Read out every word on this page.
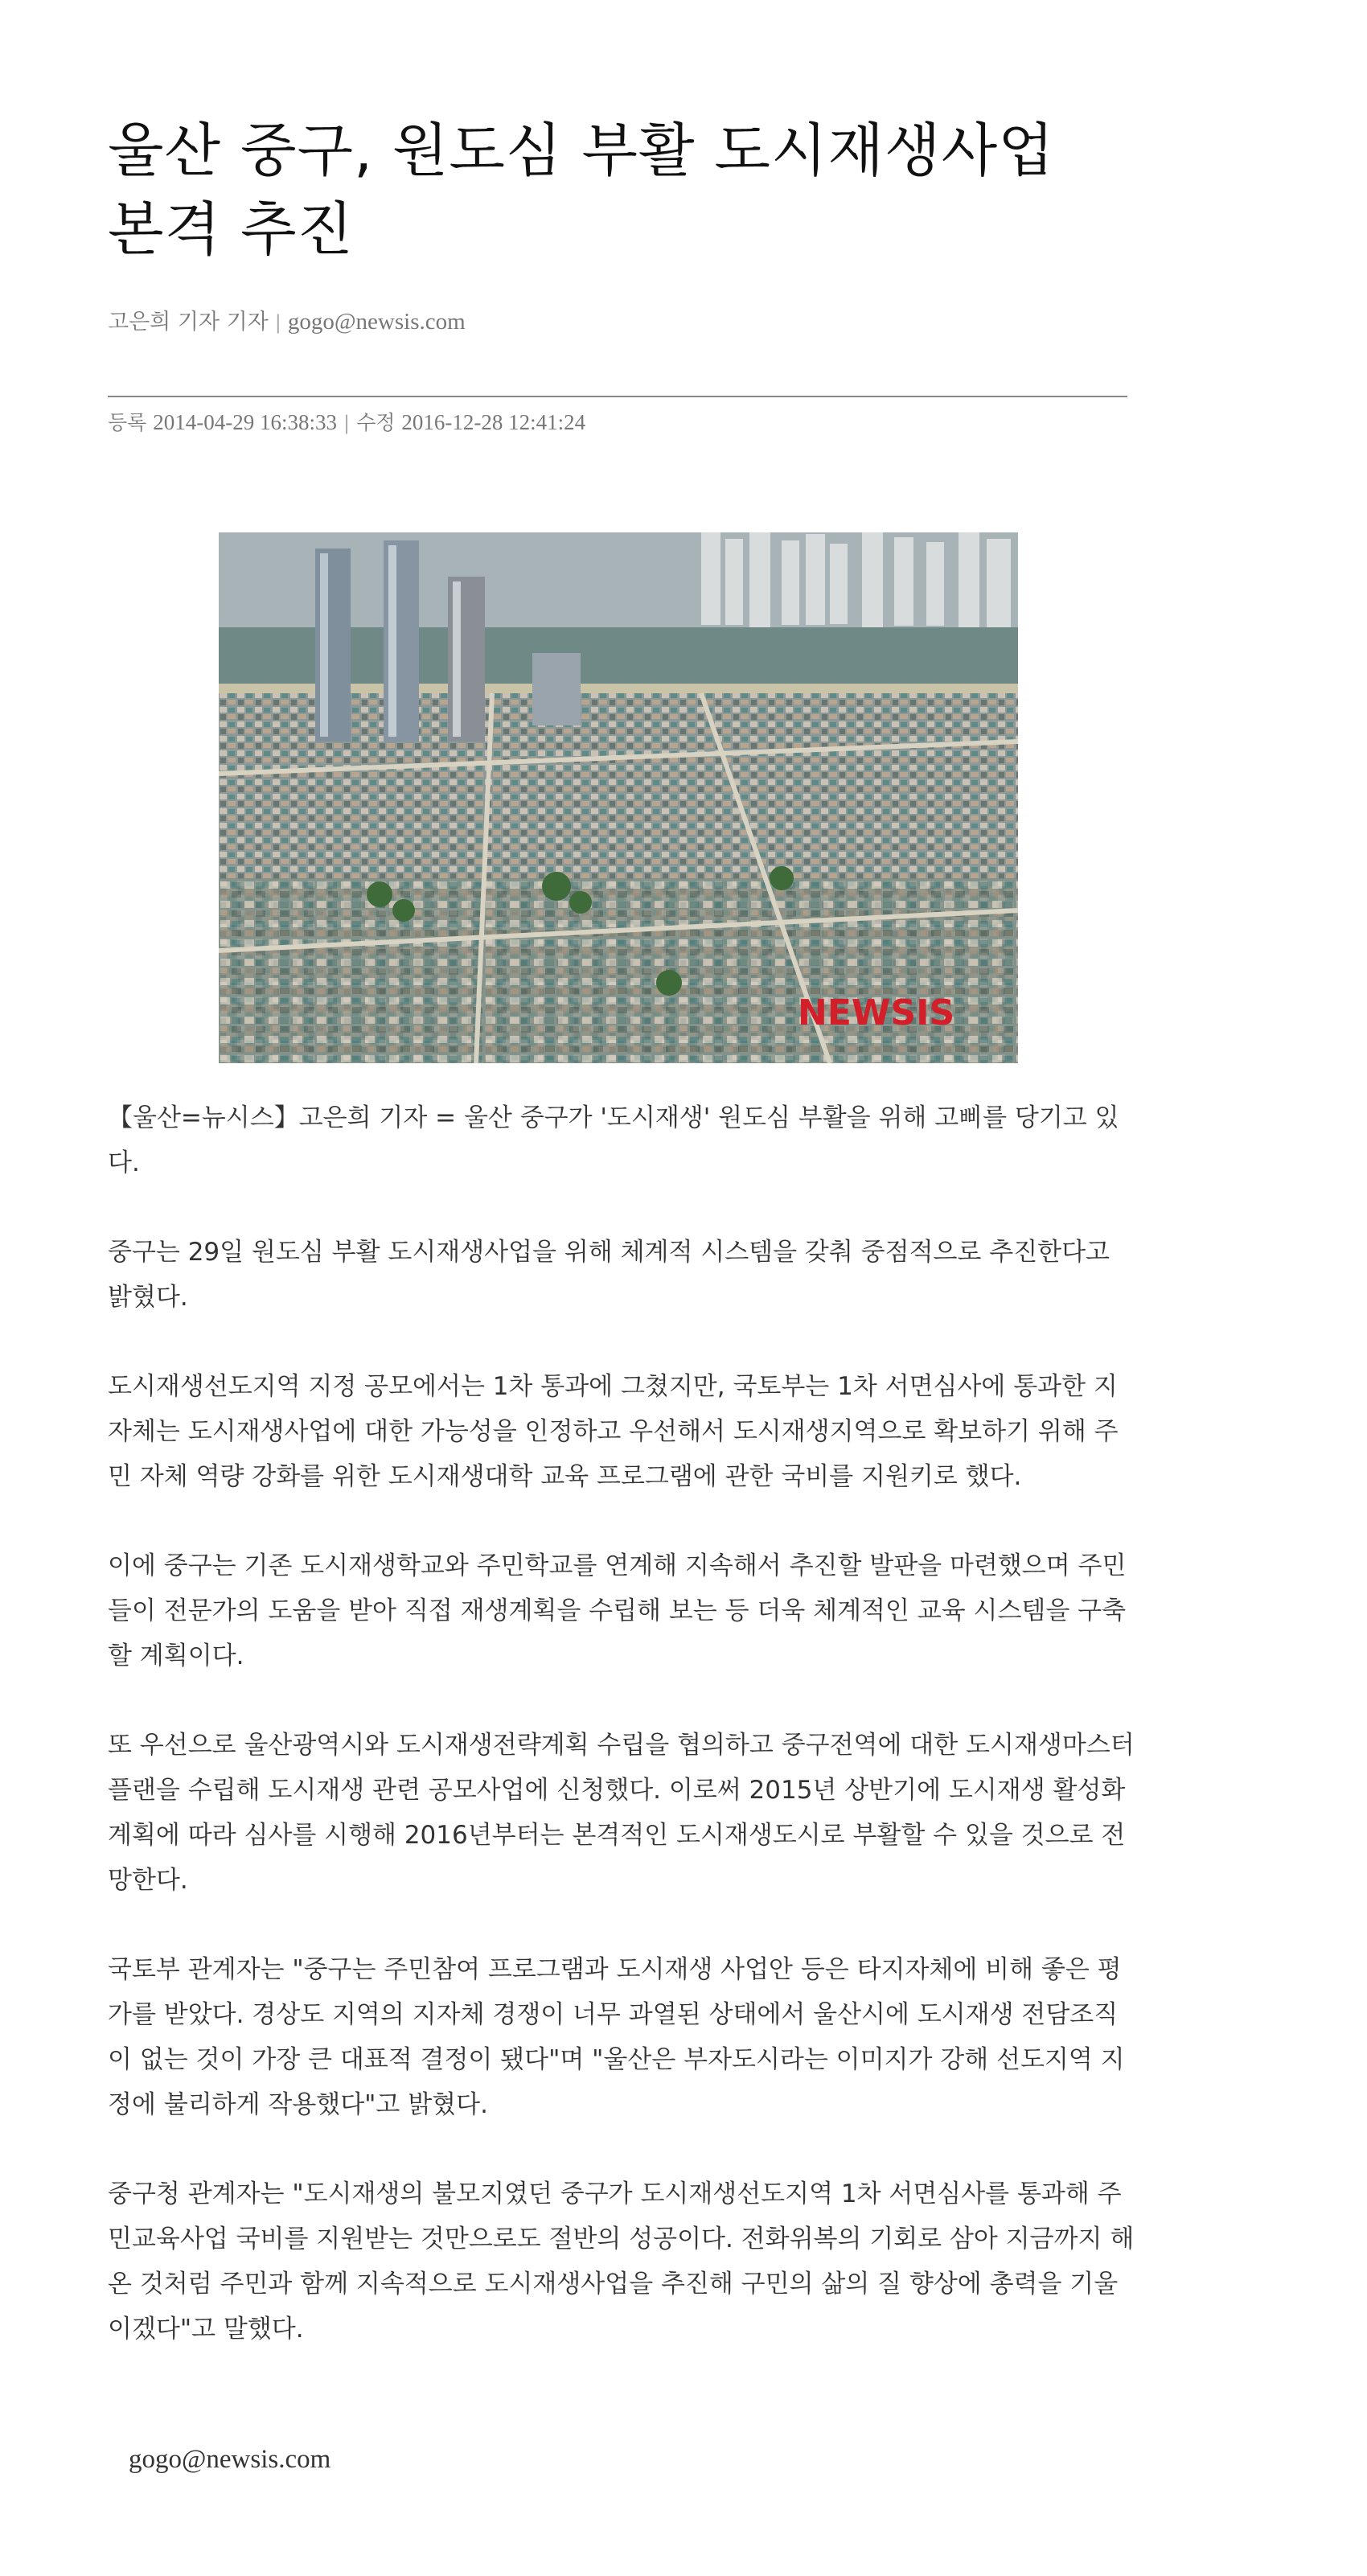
울산 중구, 원도심 부활 도시재생사업 본격 추진
고은희 기자 기자 | gogo@newsis.com
등록 2014-04-29 16:38:33 | 수정 2016-12-28 12:41:24
NEWSIS

【울산=뉴시스】고은희 기자 = 울산 중구가 '도시재생' 원도심 부활을 위해 고삐를 당기고 있다.

중구는 29일 원도심 부활 도시재생사업을 위해 체계적 시스템을 갖춰 중점적으로 추진한다고 밝혔다.

도시재생선도지역 지정 공모에서는 1차 통과에 그쳤지만, 국토부는 1차 서면심사에 통과한 지자체는 도시재생사업에 대한 가능성을 인정하고 우선해서 도시재생지역으로 확보하기 위해 주민 자체 역량 강화를 위한 도시재생대학 교육 프로그램에 관한 국비를 지원키로 했다.

이에 중구는 기존 도시재생학교와 주민학교를 연계해 지속해서 추진할 발판을 마련했으며 주민들이 전문가의 도움을 받아 직접 재생계획을 수립해 보는 등 더욱 체계적인 교육 시스템을 구축할 계획이다.

또 우선으로 울산광역시와 도시재생전략계획 수립을 협의하고 중구전역에 대한 도시재생마스터플랜을 수립해 도시재생 관련 공모사업에 신청했다. 이로써 2015년 상반기에 도시재생 활성화 계획에 따라 심사를 시행해 2016년부터는 본격적인 도시재생도시로 부활할 수 있을 것으로 전망한다.

국토부 관계자는 "중구는 주민참여 프로그램과 도시재생 사업안 등은 타지자체에 비해 좋은 평가를 받았다. 경상도 지역의 지자체 경쟁이 너무 과열된 상태에서 울산시에 도시재생 전담조직이 없는 것이 가장 큰 대표적 결정이 됐다"며 "울산은 부자도시라는 이미지가 강해 선도지역 지정에 불리하게 작용했다"고 밝혔다.

중구청 관계자는 "도시재생의 불모지였던 중구가 도시재생선도지역 1차 서면심사를 통과해 주민교육사업 국비를 지원받는 것만으로도 절반의 성공이다. 전화위복의 기회로 삼아 지금까지 해 온 것처럼 주민과 함께 지속적으로 도시재생사업을 추진해 구민의 삶의 질 향상에 총력을 기울이겠다"고 말했다.

gogo@newsis.com
